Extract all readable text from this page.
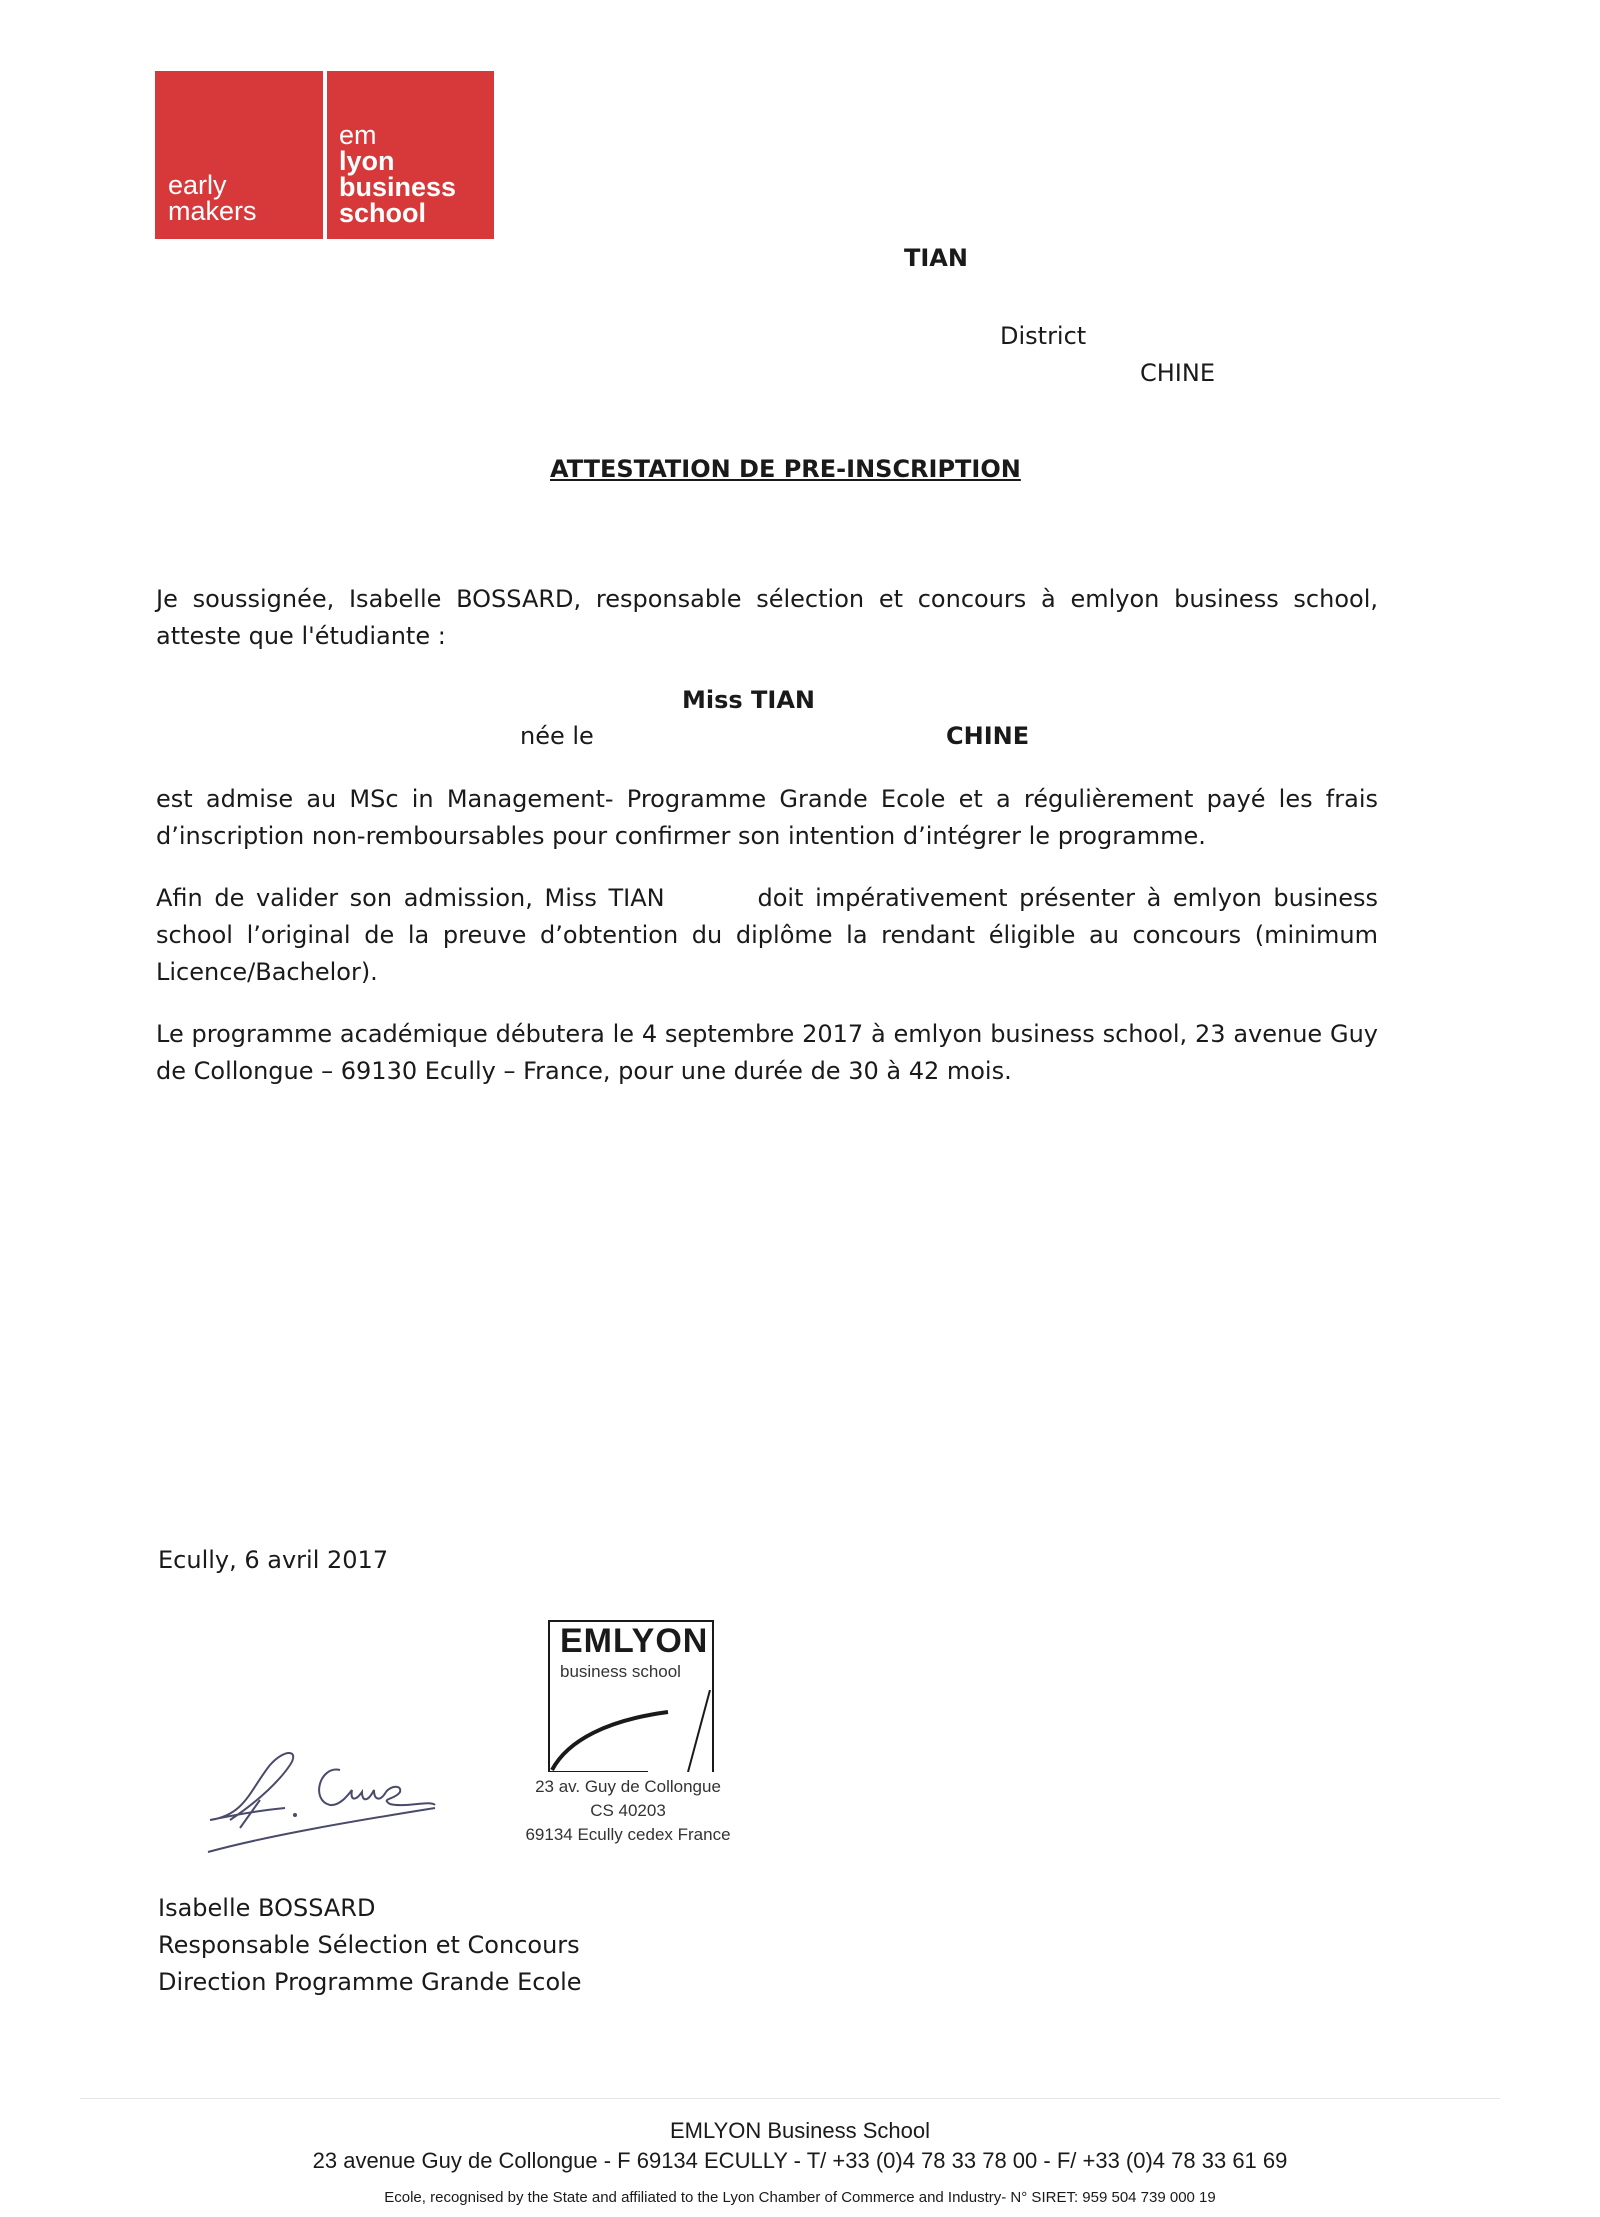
early
makers
em
lyon
business
school
TIAN
District
CHINE
ATTESTATION DE PRE-INSCRIPTION
Je soussignée, Isabelle BOSSARD, responsable sélection et concours à emlyon business school, atteste que l'étudiante :
Miss TIAN
née le	CHINE
est admise au MSc in Management- Programme Grande Ecole et a régulièrement payé les frais d’inscription non-remboursables pour confirmer son intention d’intégrer le programme.
Afin de valider son admission, Miss TIAN	doit impérativement présenter à emlyon business school l’original de la preuve d’obtention du diplôme la rendant éligible au concours (minimum Licence/Bachelor).
Le programme académique débutera le 4 septembre 2017 à emlyon business school, 23 avenue Guy de Collongue – 69130 Ecully – France, pour une durée de 30 à 42 mois.
Ecully, 6 avril 2017
EMLYON
business school
23 av. Guy de Collongue
CS 40203
69134 Ecully cedex France
Isabelle BOSSARD
Responsable Sélection et Concours
Direction Programme Grande Ecole
EMLYON Business School
23 avenue Guy de Collongue - F 69134 ECULLY - T/ +33 (0)4 78 33 78 00 - F/ +33 (0)4 78 33 61 69
Ecole, recognised by the State and affiliated to the Lyon Chamber of Commerce and Industry- N° SIRET: 959 504 739 000 19
